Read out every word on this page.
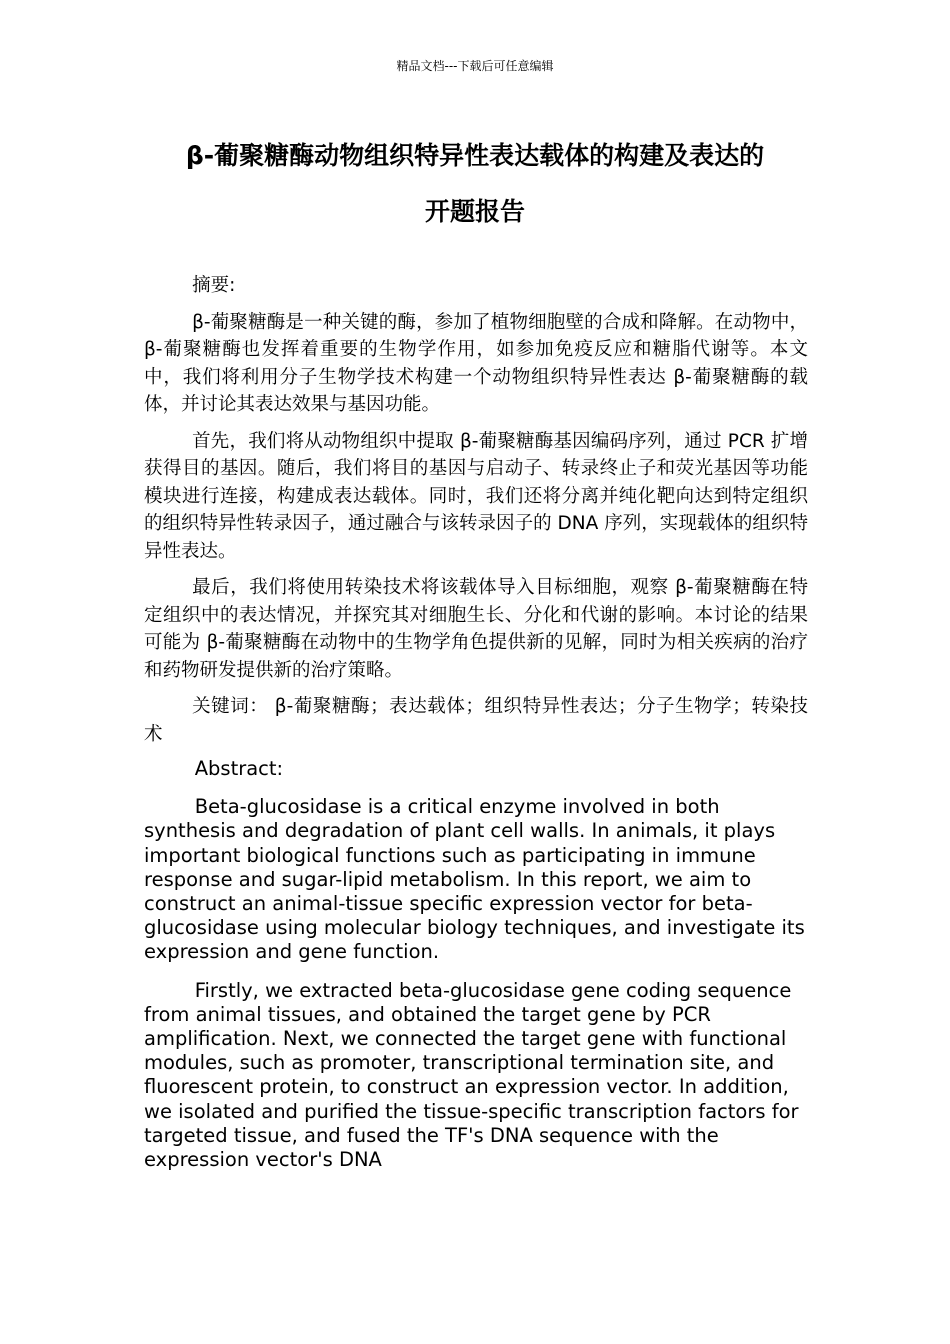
精品文档---下载后可任意编辑
β-葡聚糖酶动物组织特异性表达载体的构建及表达的
开题报告

摘要:

β-葡聚糖酶是一种关键的酶，参加了植物细胞壁的合成和降解。在动物中，β-葡聚糖酶也发挥着重要的生物学作用，如参加免疫反应和糖脂代谢等。本文中，我们将利用分子生物学技术构建一个动物组织特异性表达 β-葡聚糖酶的载体，并讨论其表达效果与基因功能。

首先，我们将从动物组织中提取 β-葡聚糖酶基因编码序列，通过 PCR 扩增获得目的基因。随后，我们将目的基因与启动子、转录终止子和荧光基因等功能模块进行连接，构建成表达载体。同时，我们还将分离并纯化靶向达到特定组织的组织特异性转录因子，通过融合与该转录因子的 DNA 序列，实现载体的组织特异性表达。

最后，我们将使用转染技术将该载体导入目标细胞，观察 β-葡聚糖酶在特定组织中的表达情况，并探究其对细胞生长、分化和代谢的影响。本讨论的结果可能为 β-葡聚糖酶在动物中的生物学角色提供新的见解，同时为相关疾病的治疗和药物研发提供新的治疗策略。

关键词： β-葡聚糖酶；表达载体；组织特异性表达；分子生物学；转染技术

Abstract:

Beta-glucosidase is a critical enzyme involved in both synthesis and degradation of plant cell walls. In animals, it plays important biological functions such as participating in immune response and sugar-lipid metabolism. In this report, we aim to construct an animal-tissue specific expression vector for beta-glucosidase using molecular biology techniques, and investigate its expression and gene function.

Firstly, we extracted beta-glucosidase gene coding sequence from animal tissues, and obtained the target gene by PCR amplification. Next, we connected the target gene with functional modules, such as promoter, transcriptional termination site, and fluorescent protein, to construct an expression vector. In addition, we isolated and purified the tissue-specific transcription factors for targeted tissue, and fused the TF's DNA sequence with the expression vector's DNA
